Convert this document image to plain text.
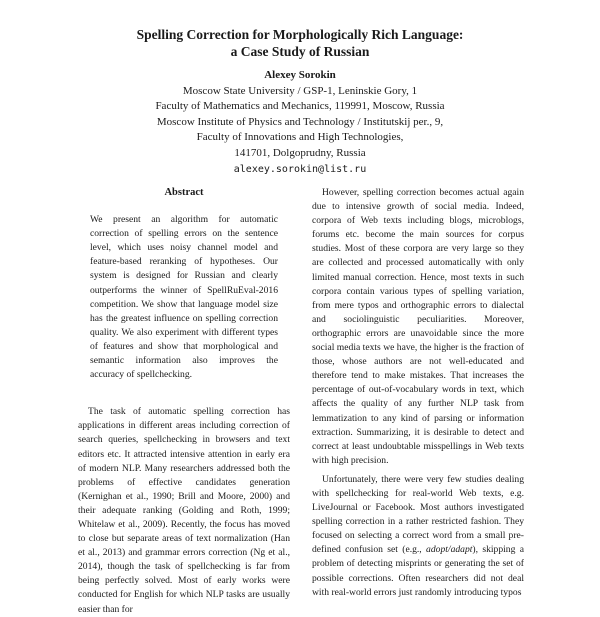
Spelling Correction for Morphologically Rich Language:
a Case Study of Russian
Alexey Sorokin
Moscow State University / GSP-1, Leninskie Gory, 1
Faculty of Mathematics and Mechanics, 119991, Moscow, Russia
Moscow Institute of Physics and Technology / Institutskij per., 9,
Faculty of Innovations and High Technologies,
141701, Dolgoprudny, Russia
alexey.sorokin@list.ru
Abstract

We present an algorithm for automatic correction of spelling errors on the sentence level, which uses noisy channel model and feature-based reranking of hypotheses. Our system is designed for Russian and clearly outperforms the winner of SpellRuEval-2016 competition. We show that language model size has the greatest influence on spelling correction quality. We also experiment with different types of features and show that morphological and semantic information also improves the accuracy of spellchecking.

The task of automatic spelling correction has applications in different areas including correction of search queries, spellchecking in browsers and text editors etc. It attracted intensive attention in early era of modern NLP. Many researchers addressed both the problems of effective candidates generation (Kernighan et al., 1990; Brill and Moore, 2000) and their adequate ranking (Golding and Roth, 1999; Whitelaw et al., 2009). Recently, the focus has moved to close but separate areas of text normalization (Han et al., 2013) and grammar errors correction (Ng et al., 2014), though the task of spellchecking is far from being perfectly solved. Most of early works were conducted for English for which NLP tasks are usually easier than for

However, spelling correction becomes actual again due to intensive growth of social media. Indeed, corpora of Web texts including blogs, microblogs, forums etc. become the main sources for corpus studies. Most of these corpora are very large so they are collected and processed automatically with only limited manual correction. Hence, most texts in such corpora contain various types of spelling variation, from mere typos and orthographic errors to dialectal and sociolinguistic peculiarities. Moreover, orthographic errors are unavoidable since the more social media texts we have, the higher is the fraction of those, whose authors are not well-educated and therefore tend to make mistakes. That increases the percentage of out-of-vocabulary words in text, which affects the quality of any further NLP task from lemmatization to any kind of parsing or information extraction. Summarizing, it is desirable to detect and correct at least undoubtable misspellings in Web texts with high precision.

Unfortunately, there were very few studies dealing with spellchecking for real-world Web texts, e.g. LiveJournal or Facebook. Most authors investigated spelling correction in a rather restricted fashion. They focused on selecting a correct word from a small pre-defined confusion set (e.g., adopt/adapt), skipping a problem of detecting misprints or generating the set of possible corrections. Often researchers did not deal with real-world errors just randomly introducing typos
